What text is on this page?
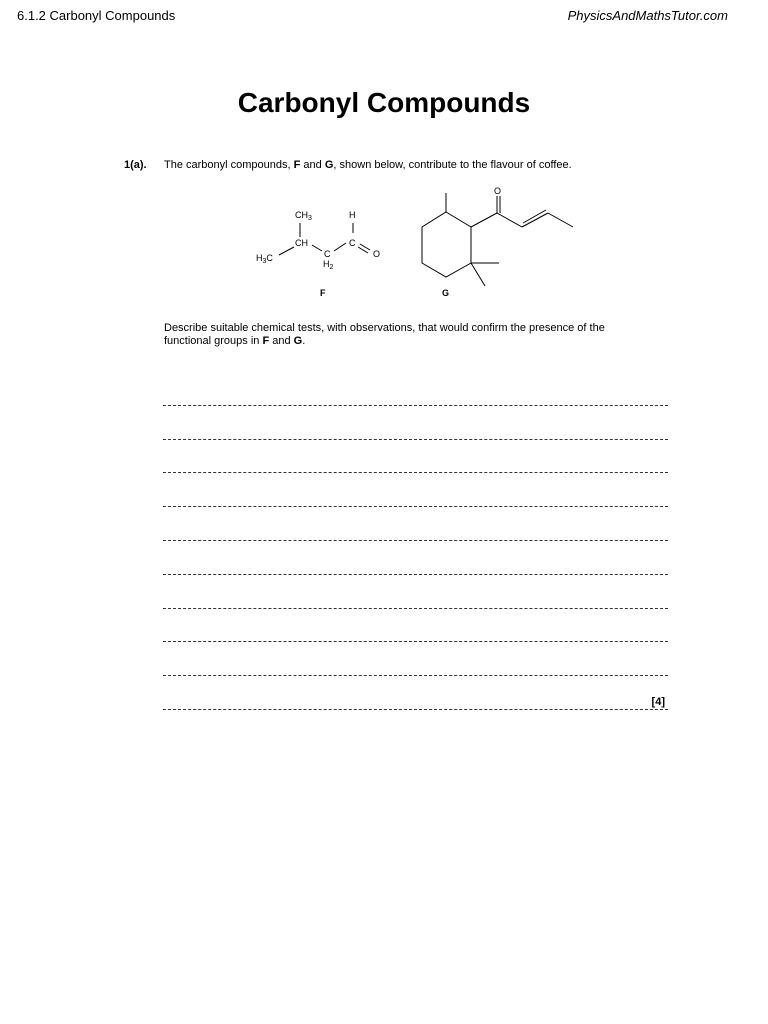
6.1.2 Carbonyl Compounds	PhysicsAndMathsTutor.com
Carbonyl Compounds
1(a). The carbonyl compounds, F and G, shown below, contribute to the flavour of coffee.
$CH_3$	H
CH	C
O
$H_3C$	C
$H_2$
F
O
G
Describe suitable chemical tests, with observations, that would confirm the presence of the
functional groups in F and G.
[4]
